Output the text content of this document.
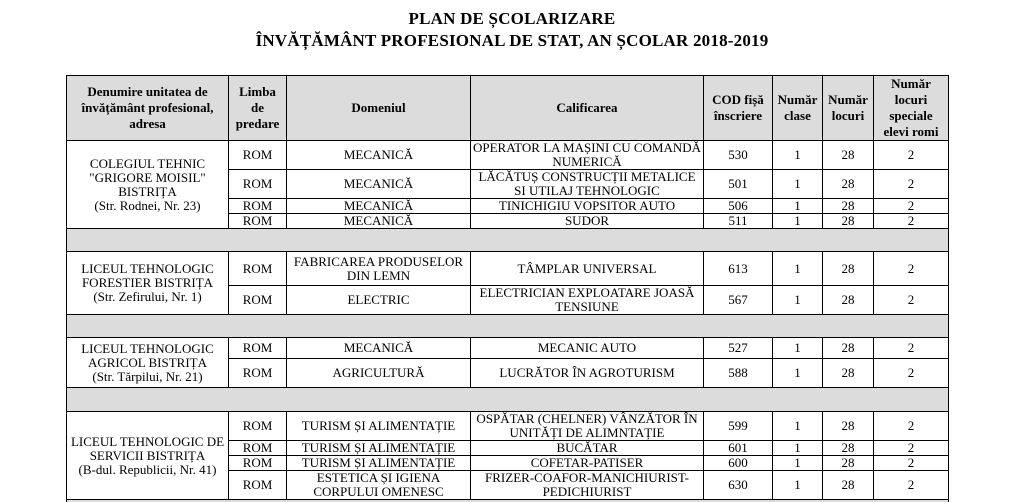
PLAN DE ȘCOLARIZARE
ÎNVĂȚĂMÂNT PROFESIONAL DE STAT, AN ȘCOLAR 2018-2019
Denumire unitatea de învățământ profesional, adresa	Limba de predare	Domeniul	Calificarea	COD fișă înscriere	Număr clase	Număr locuri	Număr locuri speciale elevi romi

COLEGIUL TEHNIC "GRIGORE MOISIL" BISTRIȚA
(Str. Rodnei, Nr. 23)	ROM	MECANICĂ	OPERATOR LA MAȘINI CU COMANDĂ NUMERICĂ	530	1	28	2
	ROM	MECANICĂ	LĂCĂTUȘ CONSTRUCȚII METALICE SI UTILAJ TEHNOLOGIC	501	1	28	2
	ROM	MECANICĂ	TINICHIGIU VOPSITOR AUTO	506	1	28	2
	ROM	MECANICĂ	SUDOR	511	1	28	2

LICEUL TEHNOLOGIC FORESTIER BISTRIȚA
(Str. Zefirului, Nr. 1)	ROM	FABRICAREA PRODUSELOR DIN LEMN	TÂMPLAR UNIVERSAL	613	1	28	2
	ROM	ELECTRIC	ELECTRICIAN EXPLOATARE JOASĂ TENSIUNE	567	1	28	2

LICEUL TEHNOLOGIC AGRICOL BISTRIȚA
(Str. Tărpilui, Nr. 21)	ROM	MECANICĂ	MECANIC AUTO	527	1	28	2
	ROM	AGRICULTURĂ	LUCRĂTOR ÎN AGROTURISM	588	1	28	2

LICEUL TEHNOLOGIC DE SERVICII BISTRIȚA
(B-dul. Republicii, Nr. 41)	ROM	TURISM ȘI ALIMENTAȚIE	OSPĂTAR (CHELNER) VÂNZĂTOR ÎN UNITĂȚI DE ALIMNTAȚIE	599	1	28	2
	ROM	TURISM ȘI ALIMENTAȚIE	BUCĂTAR	601	1	28	2
	ROM	TURISM ȘI ALIMENTAȚIE	COFETAR-PATISER	600	1	28	2
	ROM	ESTETICA ȘI IGIENA CORPULUI OMENESC	FRIZER-COAFOR-MANICHIURIST-PEDICHIURIST	630	1	28	2
